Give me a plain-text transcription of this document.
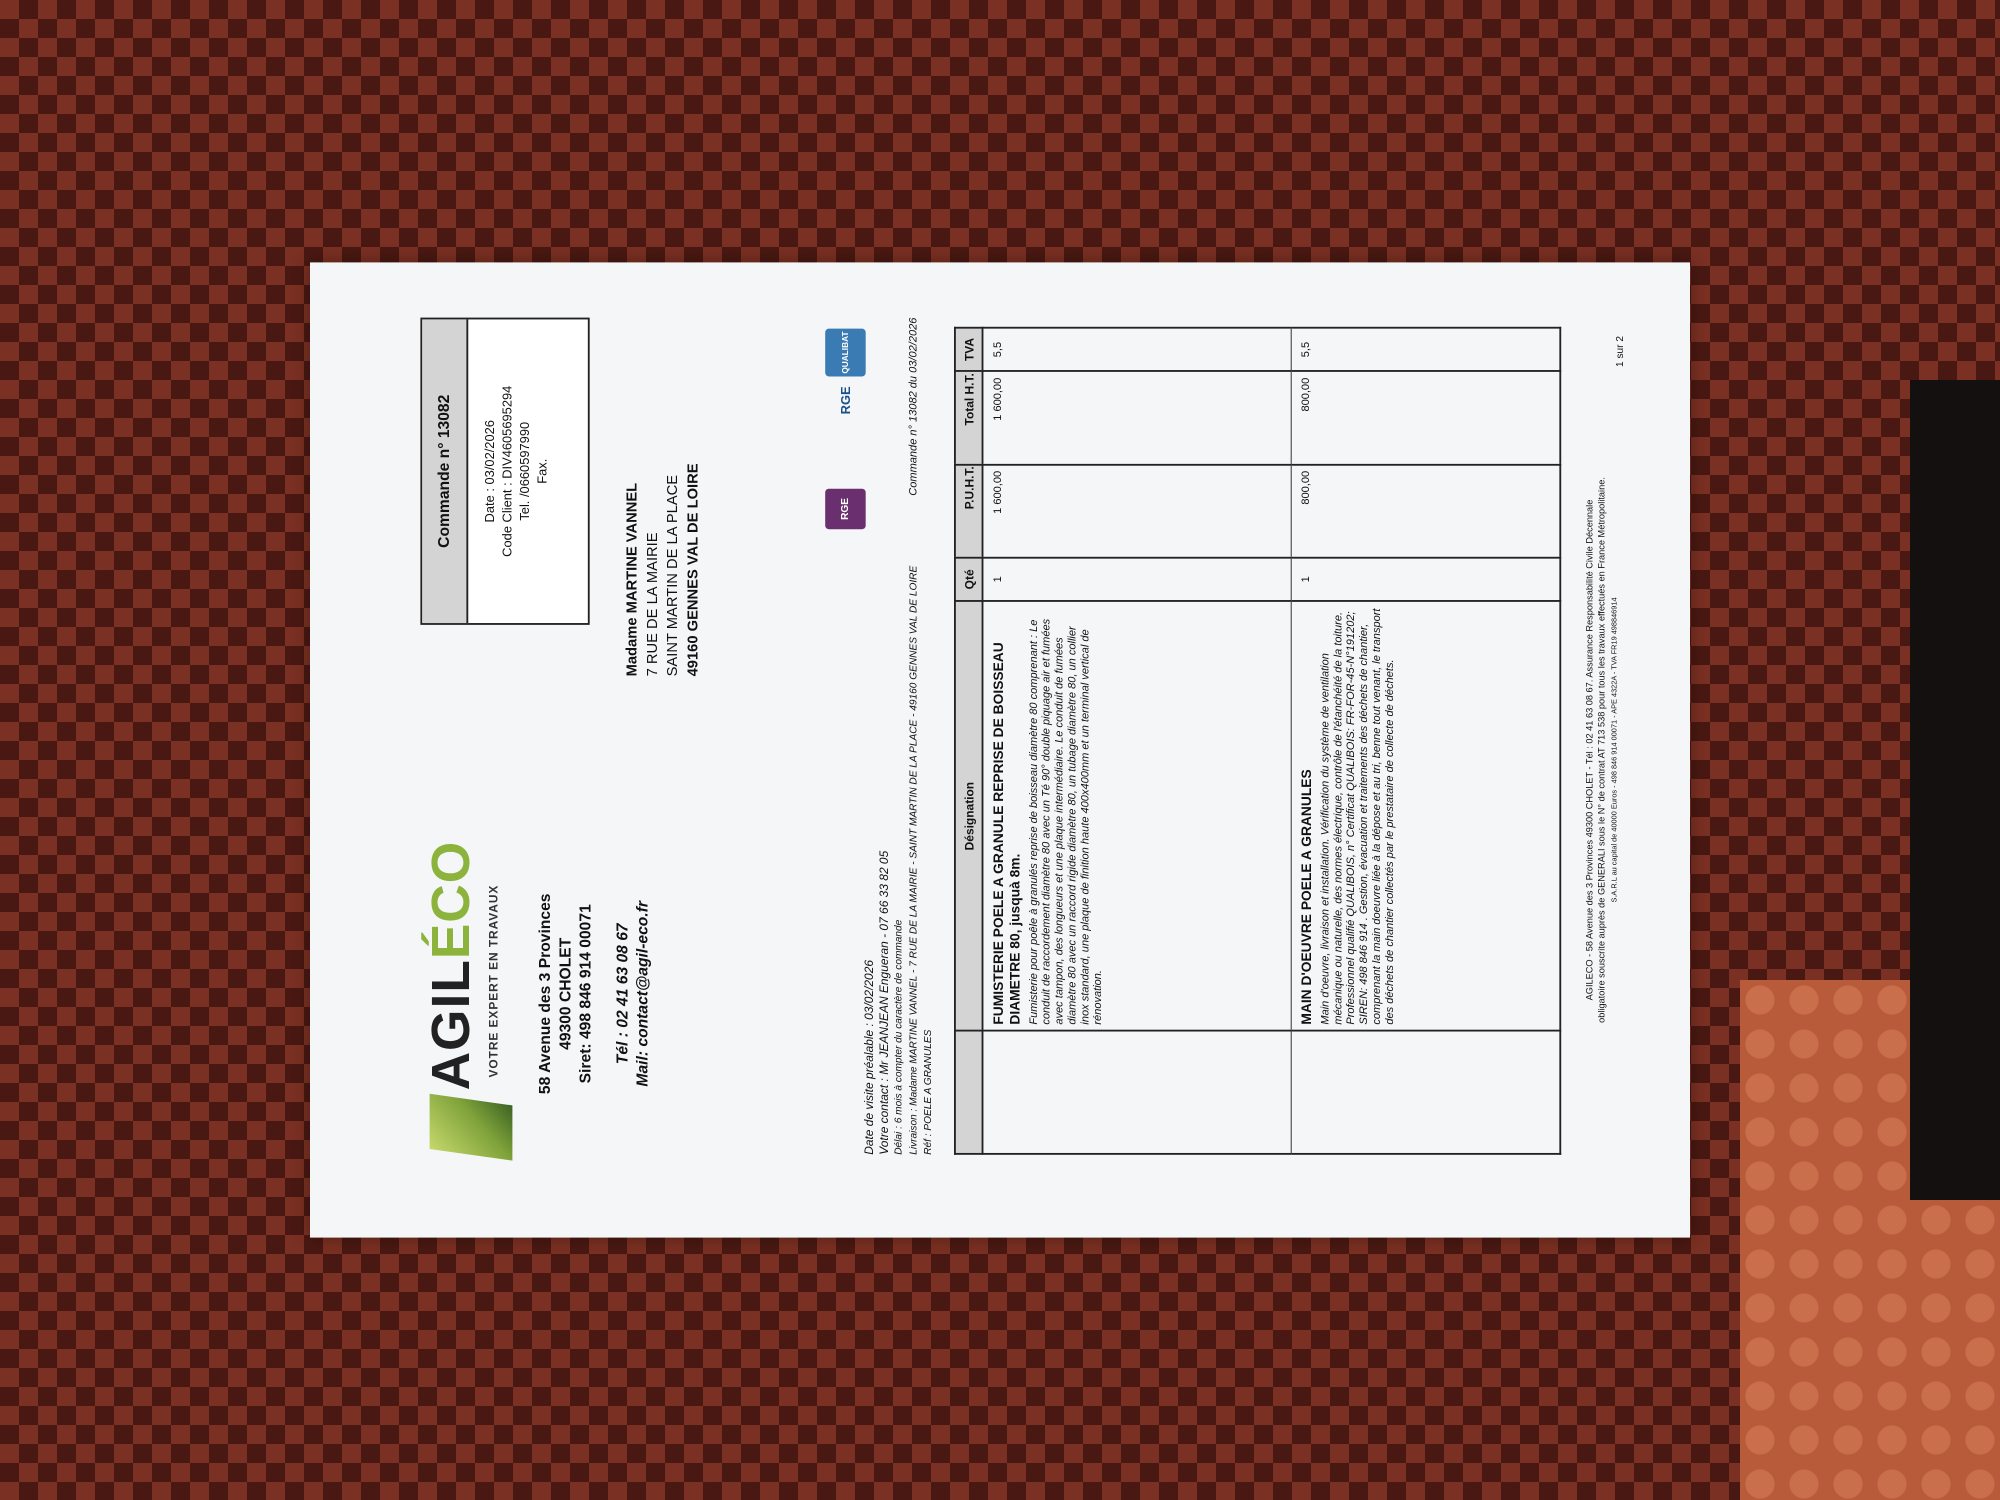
AGILÉCO VOTRE EXPERT EN TRAVAUX 58 Avenue des 3 Provinces 49300 CHOLET Siret: 498 846 914 00071 Tél : 02 41 63 08 67 Mail: contact@agil-eco.fr
Commande n° 13082	Date : 03/02/2026 Code Client : DIV4605695294 Tel. /0660597990 Fax.
Madame MARTINE VANNEL 7 RUE DE LA MAIRIE SAINT MARTIN DE LA PLACE 49160 GENNES VAL DE LOIRE	RGE
RGE
QUALIBAT
Date de visite préalable : 03/02/2026 Votre contact : Mr JEANJEAN Engueran - 07 66 33 82 05 Délai : 6 mois à compter du caractère de commande Livraison : Madame MARTINE VANNEL - 7 RUE DE LA MAIRIE - SAINT MARTIN DE LA PLACE - 49160 GENNES VAL DE LOIRE Réf : POELE A GRANULES
Commande n° 13082 du 03/02/2026
	Désignation	Qté	P.U.H.T.	Total H.T.	TVA

	FUMISTERIE POELE A GRANULE REPRISE DE BOISSEAU DIAMETRE 80, jusquà 8m. Fumisterie pour poêle à granulés reprise de boisseau diamètre 80 comprenant : Le conduit de raccordement diamètre 80 avec un Té 90° double piquage air et fumées avec tampon, des longueurs et une plaque intermédiaire. Le conduit de fumées diamètre 80 avec un raccord rigide diamètre 80, un tubage diamètre 80, un collier inox standard, une plaque de finition haute 400x400mm et un terminal vertical de rénovation.	1	1 600,00	1 600,00	5,5

	MAIN D'OEUVRE POELE A GRANULES Main d'oeuvre, livraison et installation. Vérification du système de ventilation mécanique ou naturelle, des normes électrique, contrôle de l'étanchéité de la toiture. Professionnel qualifié QUALIBOIS, n° Certificat QUALIBOIS: FR-FOR-45-N°191202; SIREN: 498 846 914 . Gestion, évacuation et traitements des déchets de chantier, comprenant la main doeuvre liée à la dépose et au tri, benne tout venant, le transport des déchets de chantier collectés par le prestataire de collecte de déchets.	1	800,00	800,00	5,5
AGILECO - 58 Avenue des 3 Provinces 49300 CHOLET - Tél : 02 41 63 08 67. Assurance Responsabilité Civile Décennale obligatoire souscrite auprès de GENERALI sous le N° de contrat AT 713 538 pour tous les travaux effectués en France Métropolitaine. S.A.R.L au capital de 40000 Euros - 498 846 914 00071 - APE 4322A - TVA FR19 498846914
1 sur 2
